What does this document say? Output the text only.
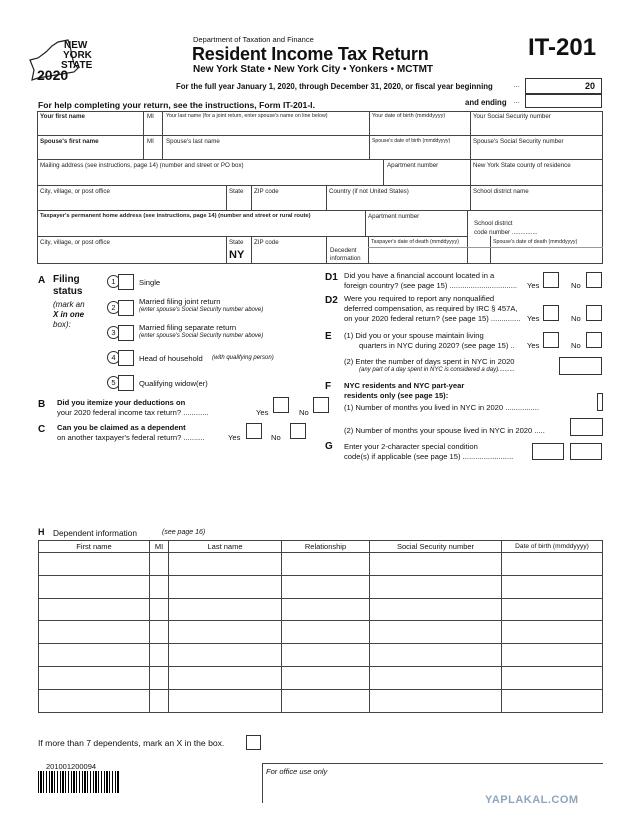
NEW
YORK
STATE
2020
Department of Taxation and Finance
Resident Income Tax Return
New York State • New York City • Yonkers • MCTMT
IT-201
For the full year January 1, 2020, through December 31, 2020, or fiscal year beginning	…	20
and ending …
For help completing your return, see the instructions, Form IT-201-I.
Your first name	MI Your last name (for a joint return, enter spouse's name on line below)	Your date of birth (mmddyyyy)	Your Social Security number
Spouse's first name	MI Spouse's last name	Spouse's date of birth (mmddyyyy)	Spouse's Social Security number
Mailing address (see instructions, page 14) (number and street or PO box)	Apartment number	New York State county of residence
City, village, or post office	State ZIP code	Country (if not United States)	School district name
Taxpayer's permanent home address (see instructions, page 14) (number and street or rural route)	Apartment number
School district
code number ...............
City, village, or post office	State ZIP code
NY	Decedent
information
Taxpayer's date of death (mmddyyyy)	Spouse's date of death (mmddyyyy)
A Filing
status
(mark an
X in one
box):
1	Single
2
Married filing joint return
(enter spouse's Social Security number above)
3
Married filing separate return
(enter spouse's Social Security number above)
4	Head of household (with qualifying person)
5	Qualifying widow(er)
B Did you itemize your deductions on
your 2020 federal income tax return? ............	Yes	No
C Can you be claimed as a dependent
on another taxpayer's federal return? ..........	Yes	No
D1 Did you have a financial account located in a
foreign country? (see page 15) ................................ Yes	No
D2 Were you required to report any nonqualified
deferred compensation, as required by IRC § 457A,
on your 2020 federal return? (see page 15) .............. Yes	No
E (1) Did you or your spouse maintain living
quarters in NYC during 2020? (see page 15) .. Yes	No
(2) Enter the number of days spent in NYC in 2020
(any part of a day spent in NYC is considered a day)..........
F NYC residents and NYC part-year
residents only (see page 15):
(1) Number of months you lived in NYC in 2020 ................
(2) Number of months your spouse lived in NYC in 2020 .....
G Enter your 2-character special condition
code(s) if applicable (see page 15) ........................
H Dependent information	(see page 16)
First name	MI	Last name	Relationship	Social Security number	Date of birth (mmddyyyy)

If more than 7 dependents, mark an X in the box.
201001200094
For office use only
YAPLAKAL.COM
